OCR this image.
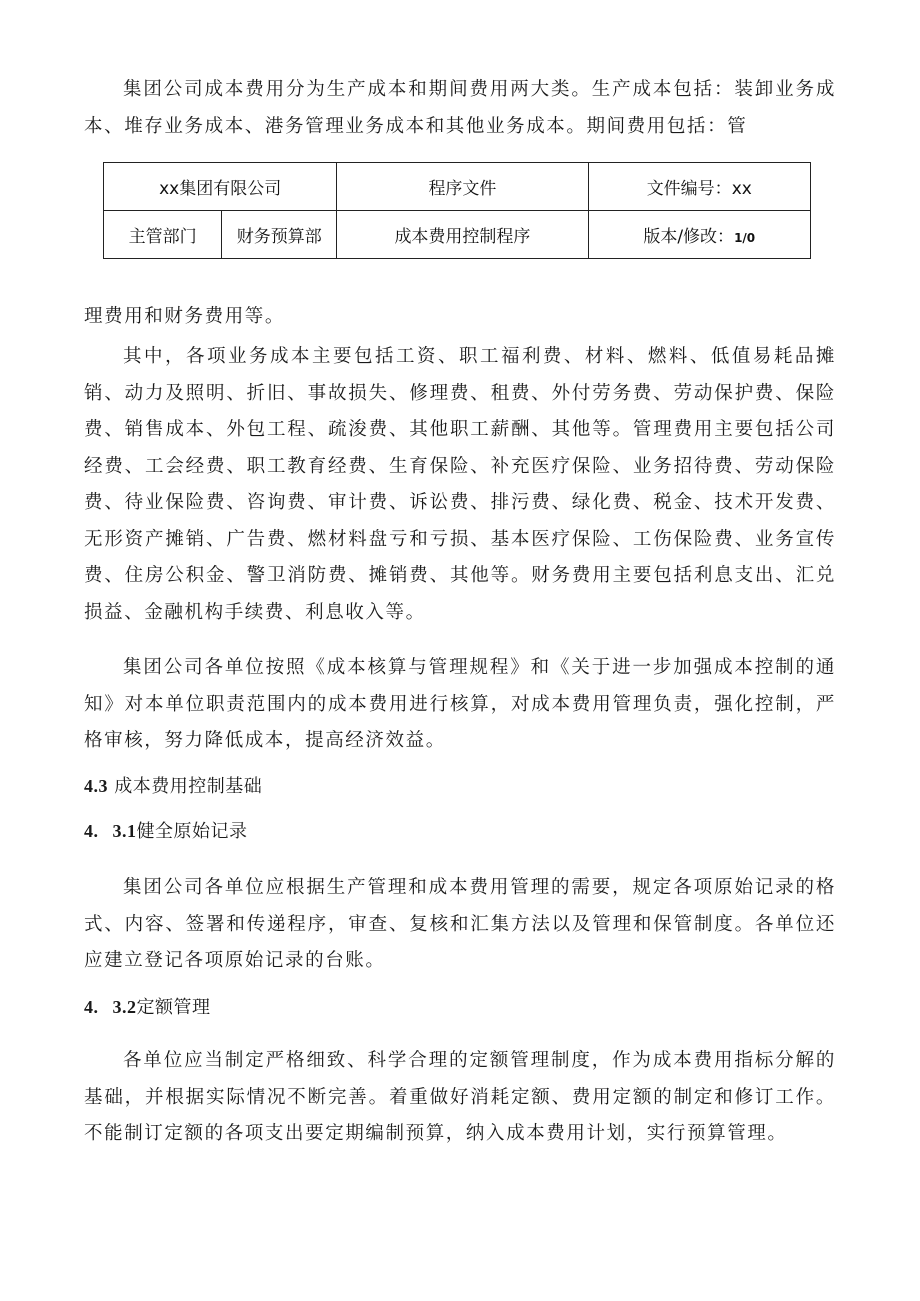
集团公司成本费用分为生产成本和期间费用两大类。生产成本包括：装卸业务成本、堆存业务成本、港务管理业务成本和其他业务成本。期间费用包括：管

xx集团有限公司		程序文件	文件编号：xx
主管部门	财务预算部	成本费用控制程序	版本/修改：1/0

理费用和财务费用等。

其中，各项业务成本主要包括工资、职工福利费、材料、燃料、低值易耗品摊销、动力及照明、折旧、事故损失、修理费、租费、外付劳务费、劳动保护费、保险费、销售成本、外包工程、疏浚费、其他职工薪酬、其他等。管理费用主要包括公司经费、工会经费、职工教育经费、生育保险、补充医疗保险、业务招待费、劳动保险费、待业保险费、咨询费、审计费、诉讼费、排污费、绿化费、税金、技术开发费、无形资产摊销、广告费、燃材料盘亏和亏损、基本医疗保险、工伤保险费、业务宣传费、住房公积金、警卫消防费、摊销费、其他等。财务费用主要包括利息支出、汇兑损益、金融机构手续费、利息收入等。

集团公司各单位按照《成本核算与管理规程》和《关于进一步加强成本控制的通知》对本单位职责范围内的成本费用进行核算，对成本费用管理负责，强化控制，严格审核，努力降低成本，提高经济效益。

4.3 成本费用控制基础

4. 3.1健全原始记录

集团公司各单位应根据生产管理和成本费用管理的需要，规定各项原始记录的格式、内容、签署和传递程序，审查、复核和汇集方法以及管理和保管制度。各单位还应建立登记各项原始记录的台账。

4. 3.2定额管理

各单位应当制定严格细致、科学合理的定额管理制度，作为成本费用指标分解的基础，并根据实际情况不断完善。着重做好消耗定额、费用定额的制定和修订工作。不能制订定额的各项支出要定期编制预算，纳入成本费用计划，实行预算管理。
